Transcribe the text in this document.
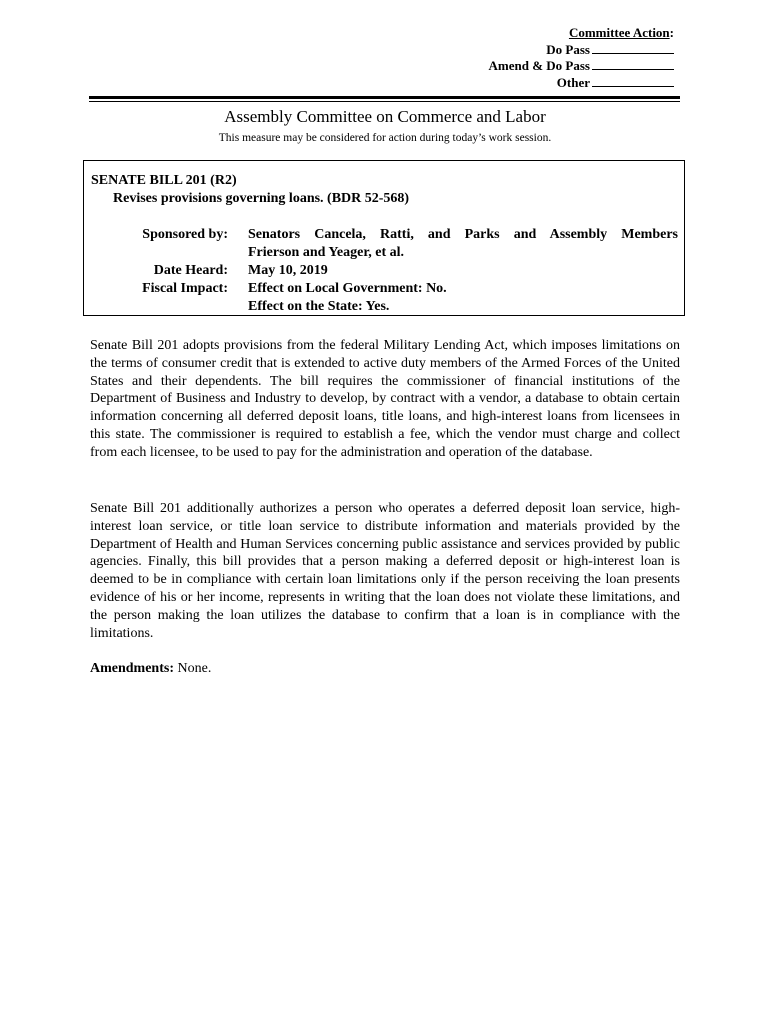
Committee Action:
Do Pass
Amend & Do Pass
Other
Assembly Committee on Commerce and Labor
This measure may be considered for action during today’s work session.
SENATE BILL 201 (R2)
Revises provisions governing loans. (BDR 52-568)
Sponsored by: Senators Cancela, Ratti, and Parks and Assembly Members
Frierson and Yeager, et al.
Date Heard: May 10, 2019
Fiscal Impact: Effect on Local Government: No.
Effect on the State: Yes.

Senate Bill 201 adopts provisions from the federal Military Lending Act, which imposes limitations on the terms of consumer credit that is extended to active duty members of the Armed Forces of the United States and their dependents. The bill requires the commissioner of financial institutions of the Department of Business and Industry to develop, by contract with a vendor, a database to obtain certain information concerning all deferred deposit loans, title loans, and high-interest loans from licensees in this state. The commissioner is required to establish a fee, which the vendor must charge and collect from each licensee, to be used to pay for the administration and operation of the database.

Senate Bill 201 additionally authorizes a person who operates a deferred deposit loan service, high-interest loan service, or title loan service to distribute information and materials provided by the Department of Health and Human Services concerning public assistance and services provided by public agencies. Finally, this bill provides that a person making a deferred deposit or high-interest loan is deemed to be in compliance with certain loan limitations only if the person receiving the loan presents evidence of his or her income, represents in writing that the loan does not violate these limitations, and the person making the loan utilizes the database to confirm that a loan is in compliance with the limitations.

Amendments: None.
